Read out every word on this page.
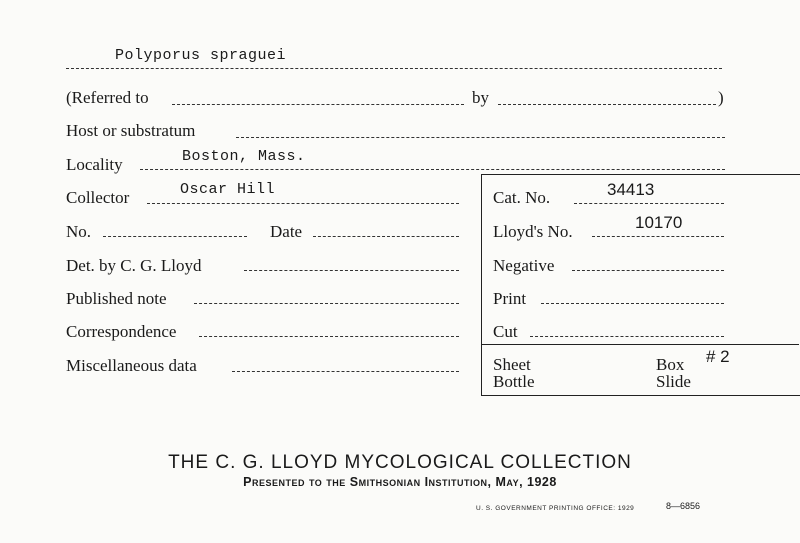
Polyporus spraguei
(Referred to	by	)
Host or substratum
Locality	Boston, Mass.
Collector	Oscar Hill	Cat. No.	34413
No.	Date	Lloyd's No.	10170
Det. by C. G. Lloyd	Negative
Published note	Print
Correspondence	Cut
Miscellaneous data	Sheet	Box # 2
Bottle	Slide
THE C. G. LLOYD MYCOLOGICAL COLLECTION
Presented to the Smithsonian Institution, May, 1928
U. S. GOVERNMENT PRINTING OFFICE: 1929	8—6856
